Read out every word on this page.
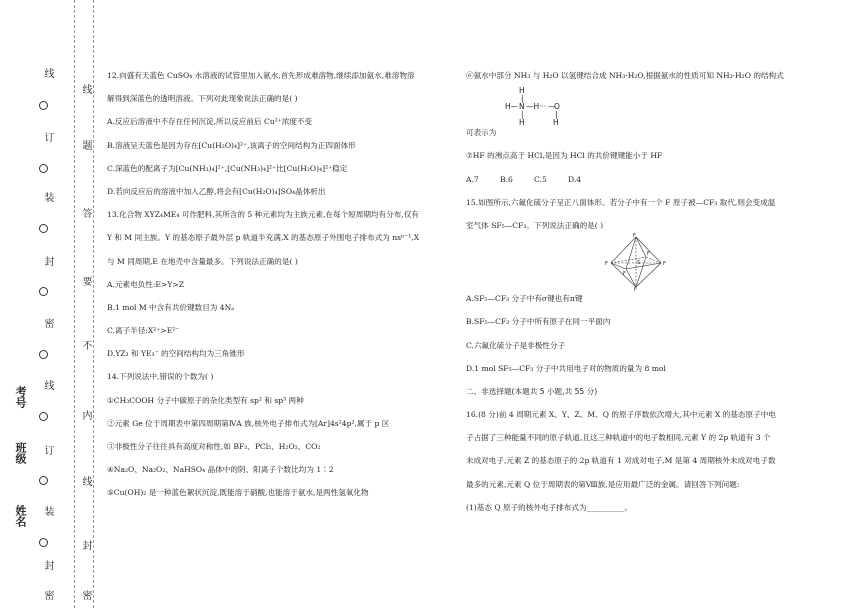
姓名
班级
考号
线
订
装
封
密
线
订
装
封
密
线
题
答
要
不
内
线
封
密
12.向盛有天蓝色 CuSO₄ 水溶液的试管里加入氨水,首先形成难溶物,继续添加氨水,难溶物溶
解得到深蓝色的透明溶液。下列对此现象说法正确的是( )
A.反应后溶液中不存在任何沉淀,所以反应前后 Cu²⁺浓度不变
B.溶液呈天蓝色是因为存在[Cu(H₂O)₄]²⁺,该离子的空间结构为正四面体形
C.深蓝色的配离子为[Cu(NH₃)₄]²⁺,[Cu(NH₃)₄]²⁺比[Cu(H₂O)₄]²⁺稳定
D.若向反应后的溶液中加入乙醇,将会有[Cu(H₂O)₄]SO₄晶体析出
13.化合物 XYZ₄ME₄ 可作肥料,其所含的 5 种元素均为主族元素,在每个短周期均有分布,仅有
Y 和 M 同主族。Y 的基态原子最外层 p 轨道半充满,X 的基态原子外围电子排布式为 nsⁿ⁻¹,X
与 M 同周期,E 在地壳中含量最多。下列说法正确的是( )
A.元素电负性:E>Y>Z
B.1 mol M 中含有共价键数目为 4Nₐ
C.离子半径:X²⁺>E²⁻
D.YZ₃ 和 YE₃⁻ 的空间结构均为三角锥形
14.下列说法中,错误的个数为( )
①CH₃COOH 分子中碳原子的杂化类型有 sp² 和 sp³ 两种
②元素 Ge 位于周期表中第四周期第ⅣA 族,核外电子排布式为[Ar]4s²4p²,属于 p 区
③非极性分子往往具有高度对称性,如 BF₃、PCl₅、H₂O₂、CO₂
④Na₂O、Na₂O₂、NaHSO₄ 晶体中的阴、阳离子个数比均为 1∶2
⑤Cu(OH)₂ 是一种蓝色絮状沉淀,既能溶于硝酸,也能溶于氨水,是两性氢氧化物
⑥氨水中部分 NH₃ 与 H₂O 以氢键结合成 NH₃·H₂O,根据氨水的性质可知 NH₃·H₂O 的结构式
H
|
H— N —H··· —
O
|	|
H	H
可表示为
⑦HF 的沸点高于 HCl,是因为 HCl 的共价键键能小于 HF
A.7	B.6	C.5	D.4
15.如图所示,六氟化硫分子呈正八面体形。若分子中有一个 F 原子被—CF₃ 取代,则会变成温
室气体 SF₅—CF₃。下列说法正确的是( )
F
F
F	F
F
F
S
A.SF₅—CF₃ 分子中有σ键也有π键
B.SF₅—CF₃ 分子中所有原子在同一平面内
C.六氟化硫分子是非极性分子
D.1 mol SF₅—CF₃ 分子中共用电子对的物质的量为 8 mol
二、非选择题(本题共 5 小题,共 55 分)
16.(8 分)前 4 周期元素 X、Y、Z、M、Q 的原子序数依次增大,其中元素 X 的基态原子中电
子占据了三种能量不同的原子轨道,且这三种轨道中的电子数相同,元素 Y 的 2p 轨道有 3 个
未成对电子,元素 Z 的基态原子的 2p 轨道有 1 对成对电子,M 是第 4 周期核外未成对电子数
最多的元素,元素 Q 位于周期表的第Ⅷ族,是应用最广泛的金属。请回答下列问题:
(1)基态 Q 原子的核外电子排布式为__________。
